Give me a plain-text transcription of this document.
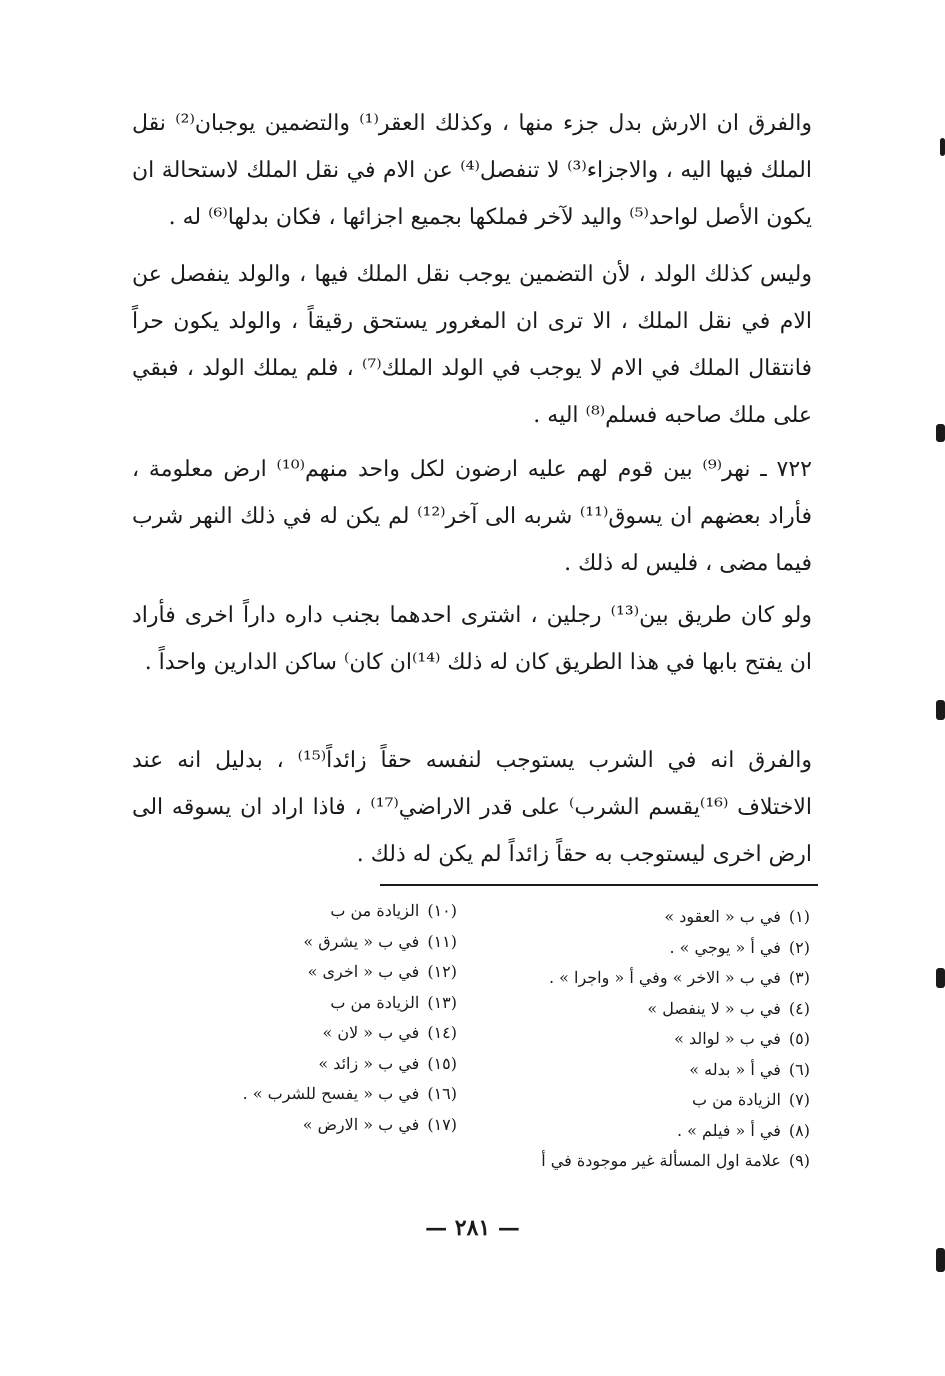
والفرق ان الارش بدل جزء منها ، وكذلك العقر⁽¹⁾ والتضمين يوجبان⁽²⁾ نقل الملك فيها اليه ، والاجزاء⁽³⁾ لا تنفصل⁽⁴⁾ عن الام في نقل الملك لاستحالة ان يكون الأصل لواحد⁽⁵⁾ واليد لآخر فملكها بجميع اجزائها ، فكان بدلها⁽⁶⁾ له .

وليس كذلك الولد ، لأن التضمين يوجب نقل الملك فيها ، والولد ينفصل عن الام في نقل الملك ، الا ترى ان المغرور يستحق رقيقاً ، والولد يكون حراً فانتقال الملك في الام لا يوجب في الولد الملك⁽⁷⁾ ، فلم يملك الولد ، فبقي على ملك صاحبه فسلم⁽⁸⁾ اليه .

٧٢٢ ـ نهر⁽⁹⁾ بين قوم لهم عليه ارضون لكل واحد منهم⁽¹⁰⁾ ارض معلومة ، فأراد بعضهم ان يسوق⁽¹¹⁾ شربه الى آخر⁽¹²⁾ لم يكن له في ذلك النهر شرب فيما مضى ، فليس له ذلك .

ولو كان طريق بين⁽¹³⁾ رجلين ، اشترى احدهما بجنب داره داراً اخرى فأراد ان يفتح بابها في هذا الطريق كان له ذلك ⁽¹⁴⁾ان كان⁾ ساكن الدارين واحداً .

والفرق انه في الشرب يستوجب لنفسه حقاً زائداً⁽¹⁵⁾ ، بدليل انه عند الاختلاف ⁽¹⁶⁾يقسم الشرب⁾ على قدر الاراضي⁽¹⁷⁾ ، فاذا اراد ان يسوقه الى ارض اخرى ليستوجب به حقاً زائداً لم يكن له ذلك .

(١)في ب « العقود »
(٢)في أ « يوجي » .
(٣)في ب « الاخر » وفي أ « واجرا » .
(٤)في ب « لا ينفصل »
(٥)في ب « لوالد »
(٦)في أ « بدله »
(٧)الزيادة من ب
(٨)في أ « فيلم » .
(٩)علامة اول المسألة غير موجودة في أ
(١٠)الزيادة من ب
(١١)في ب « يشرق »
(١٢)في ب « اخرى »
(١٣)الزيادة من ب
(١٤)في ب « لان »
(١٥)في ب « زائد »
(١٦)في ب « يفسح للشرب » .
(١٧)في ب « الارض »
— ٢٨١ —
